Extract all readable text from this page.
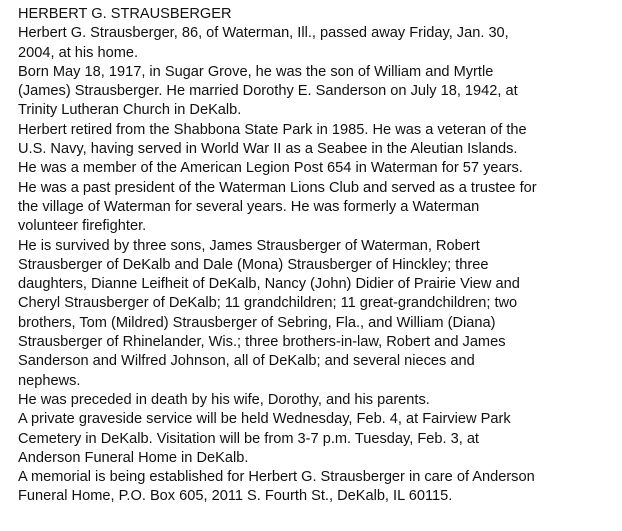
HERBERT G. STRAUSBERGER

Herbert G. Strausberger, 86, of Waterman, Ill., passed away Friday, Jan. 30,
2004, at his home.

Born May 18, 1917, in Sugar Grove, he was the son of William and Myrtle
(James) Strausberger. He married Dorothy E. Sanderson on July 18, 1942, at
Trinity Lutheran Church in DeKalb.

Herbert retired from the Shabbona State Park in 1985. He was a veteran of the
U.S. Navy, having served in World War II as a Seabee in the Aleutian Islands.

He was a member of the American Legion Post 654 in Waterman for 57 years.

He was a past president of the Waterman Lions Club and served as a trustee for
the village of Waterman for several years. He was formerly a Waterman
volunteer firefighter.

He is survived by three sons, James Strausberger of Waterman, Robert
Strausberger of DeKalb and Dale (Mona) Strausberger of Hinckley; three
daughters, Dianne Leifheit of DeKalb, Nancy (John) Didier of Prairie View and
Cheryl Strausberger of DeKalb; 11 grandchildren; 11 great-grandchildren; two
brothers, Tom (Mildred) Strausberger of Sebring, Fla., and William (Diana)
Strausberger of Rhinelander, Wis.; three brothers-in-law, Robert and James
Sanderson and Wilfred Johnson, all of DeKalb; and several nieces and
nephews.

He was preceded in death by his wife, Dorothy, and his parents.

A private graveside service will be held Wednesday, Feb. 4, at Fairview Park
Cemetery in DeKalb. Visitation will be from 3-7 p.m. Tuesday, Feb. 3, at
Anderson Funeral Home in DeKalb.

A memorial is being established for Herbert G. Strausberger in care of Anderson
Funeral Home, P.O. Box 605, 2011 S. Fourth St., DeKalb, IL 60115.
